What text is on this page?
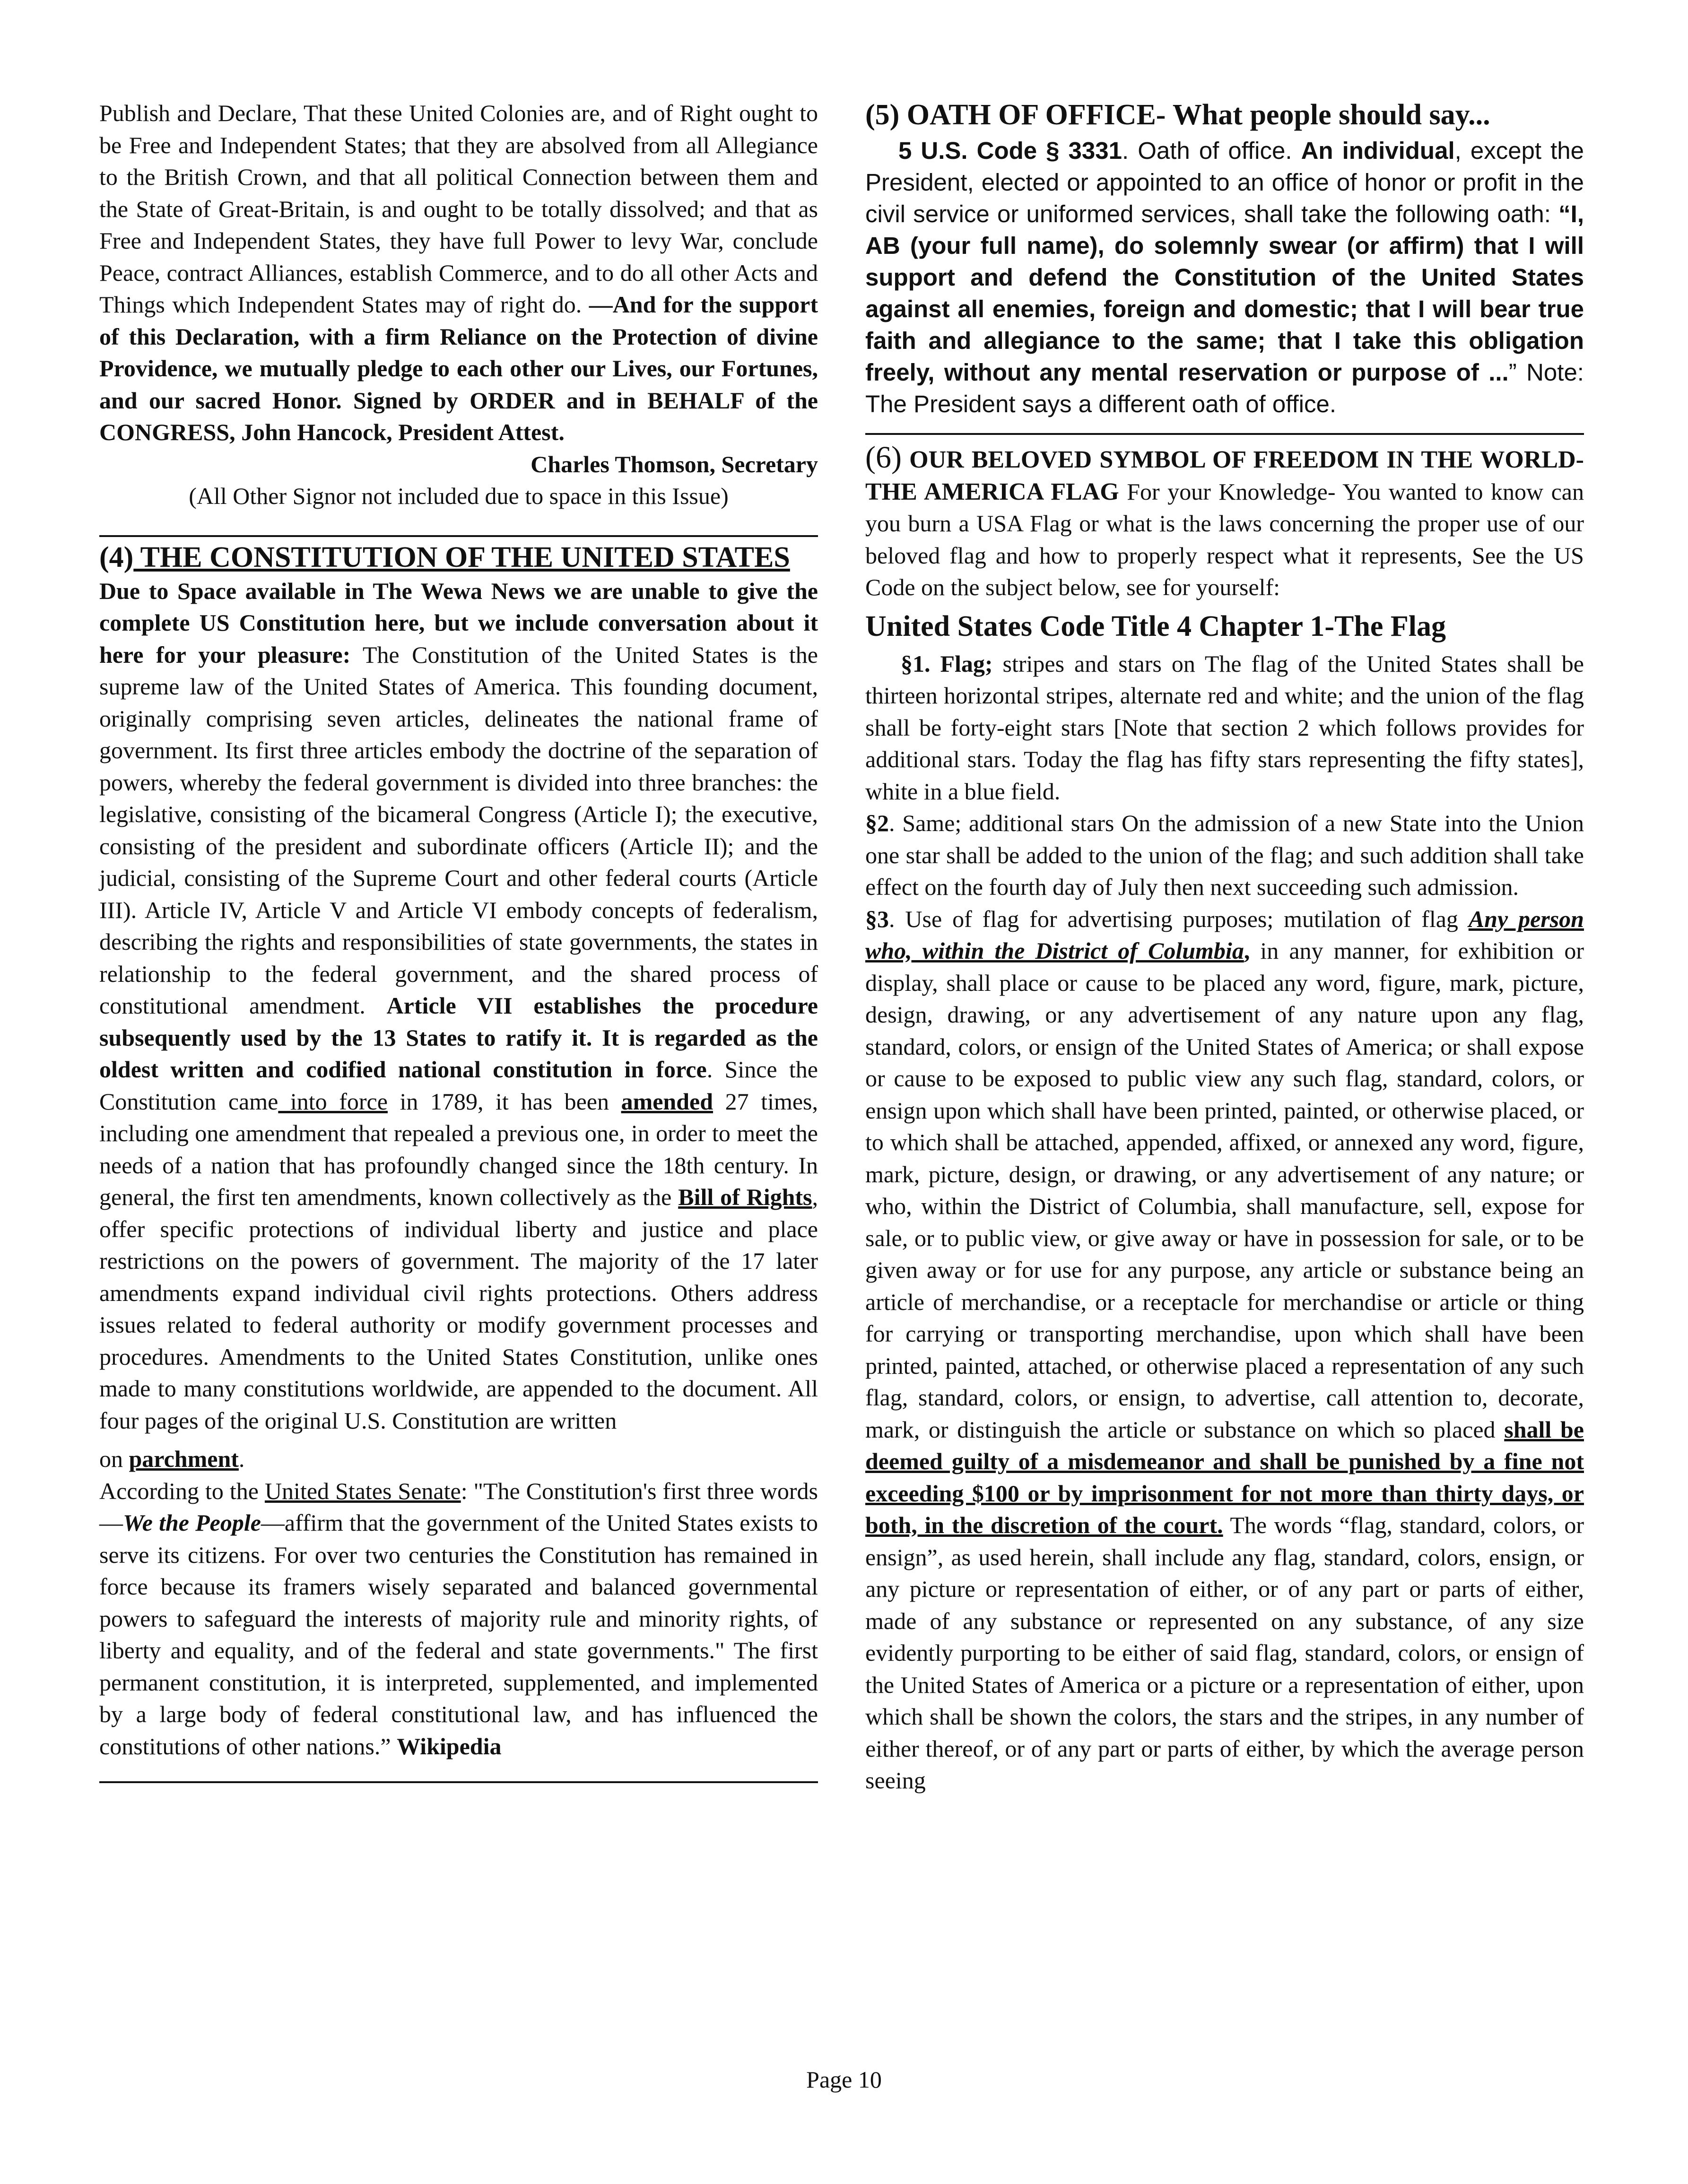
Publish and Declare, That these United Colonies are, and of Right ought to be Free and Independent States; that they are absolved from all Allegiance to the British Crown, and that all political Connection between them and the State of Great-Britain, is and ought to be totally dissolved; and that as Free and Independent States, they have full Power to levy War, conclude Peace, contract Alliances, establish Commerce, and to do all other Acts and Things which Independent States may of right do. —And for the support of this Declaration, with a firm Reliance on the Protection of divine Providence, we mutually pledge to each other our Lives, our Fortunes, and our sacred Honor. Signed by ORDER and in BEHALF of the CONGRESS, John Hancock, President Attest.

Charles Thomson, Secretary

(All Other Signor not included due to space in this Issue)

(4) THE CONSTITUTION OF THE UNITED STATES

Due to Space available in The Wewa News we are unable to give the complete US Constitution here, but we include conversation about it here for your pleasure: The Constitution of the United States is the supreme law of the United States of America. This founding document, originally comprising seven articles, delineates the national frame of government. Its first three articles embody the doctrine of the separation of powers, whereby the federal government is divided into three branches: the legislative, consisting of the bicameral Congress (Article I); the executive, consisting of the president and subordinate officers (Article II); and the judicial, consisting of the Supreme Court and other federal courts (Article III). Article IV, Article V and Article VI embody concepts of federalism, describing the rights and responsibilities of state governments, the states in relationship to the federal government, and the shared process of constitutional amendment. Article VII establishes the procedure subsequently used by the 13 States to ratify it. It is regarded as the oldest written and codified national constitution in force. Since the Constitution came into force in 1789, it has been amended 27 times, including one amendment that repealed a previous one, in order to meet the needs of a nation that has profoundly changed since the 18th century. In general, the first ten amendments, known collectively as the Bill of Rights, offer specific protections of individual liberty and justice and place restrictions on the powers of government. The majority of the 17 later amendments expand individual civil rights protections. Others address issues related to federal authority or modify government processes and procedures. Amendments to the United States Constitution, unlike ones made to many constitutions worldwide, are appended to the document. All four pages of the original U.S. Constitution are written

on parchment.

According to the United States Senate: "The Constitution's first three words—We the People—affirm that the government of the United States exists to serve its citizens. For over two centuries the Constitution has remained in force because its framers wisely separated and balanced governmental powers to safeguard the interests of majority rule and minority rights, of liberty and equality, and of the federal and state governments." The first permanent constitution, it is interpreted, supplemented, and implemented by a large body of federal constitutional law, and has influenced the constitutions of other nations.” Wikipedia

(5) OATH OF OFFICE- What people should say...

5 U.S. Code § 3331. Oath of office. An individual, except the President, elected or appointed to an office of honor or profit in the civil service or uniformed services, shall take the following oath: “I, AB (your full name), do solemnly swear (or affirm) that I will support and defend the Constitution of the United States against all enemies, foreign and domestic; that I will bear true faith and allegiance to the same; that I take this obligation freely, without any mental reservation or purpose of ...” Note: The President says a different oath of office.

(6) OUR BELOVED SYMBOL OF FREEDOM IN THE WORLD-THE AMERICA FLAG For your Knowledge- You wanted to know can you burn a USA Flag or what is the laws concerning the proper use of our beloved flag and how to properly respect what it represents, See the US Code on the subject below, see for yourself:

United States Code Title 4 Chapter 1-The Flag

§1. Flag; stripes and stars on The flag of the United States shall be thirteen horizontal stripes, alternate red and white; and the union of the flag shall be forty-eight stars [Note that section 2 which follows provides for additional stars. Today the flag has fifty stars representing the fifty states], white in a blue field.

§2. Same; additional stars On the admission of a new State into the Union one star shall be added to the union of the flag; and such addition shall take effect on the fourth day of July then next succeeding such admission.

§3. Use of flag for advertising purposes; mutilation of flag Any person who, within the District of Columbia, in any manner, for exhibition or display, shall place or cause to be placed any word, figure, mark, picture, design, drawing, or any advertisement of any nature upon any flag, standard, colors, or ensign of the United States of America; or shall expose or cause to be exposed to public view any such flag, standard, colors, or ensign upon which shall have been printed, painted, or otherwise placed, or to which shall be attached, appended, affixed, or annexed any word, figure, mark, picture, design, or drawing, or any advertisement of any nature; or who, within the District of Columbia, shall manufacture, sell, expose for sale, or to public view, or give away or have in possession for sale, or to be given away or for use for any purpose, any article or substance being an article of merchandise, or a receptacle for merchandise or article or thing for carrying or transporting merchandise, upon which shall have been printed, painted, attached, or otherwise placed a representation of any such flag, standard, colors, or ensign, to advertise, call attention to, decorate, mark, or distinguish the article or substance on which so placed shall be deemed guilty of a misdemeanor and shall be punished by a fine not exceeding $100 or by imprisonment for not more than thirty days, or both, in the discretion of the court. The words “flag, standard, colors, or ensign”, as used herein, shall include any flag, standard, colors, ensign, or any picture or representation of either, or of any part or parts of either, made of any substance or represented on any substance, of any size evidently purporting to be either of said flag, standard, colors, or ensign of the United States of America or a picture or a representation of either, upon which shall be shown the colors, the stars and the stripes, in any number of either thereof, or of any part or parts of either, by which the average person seeing

Page 10
